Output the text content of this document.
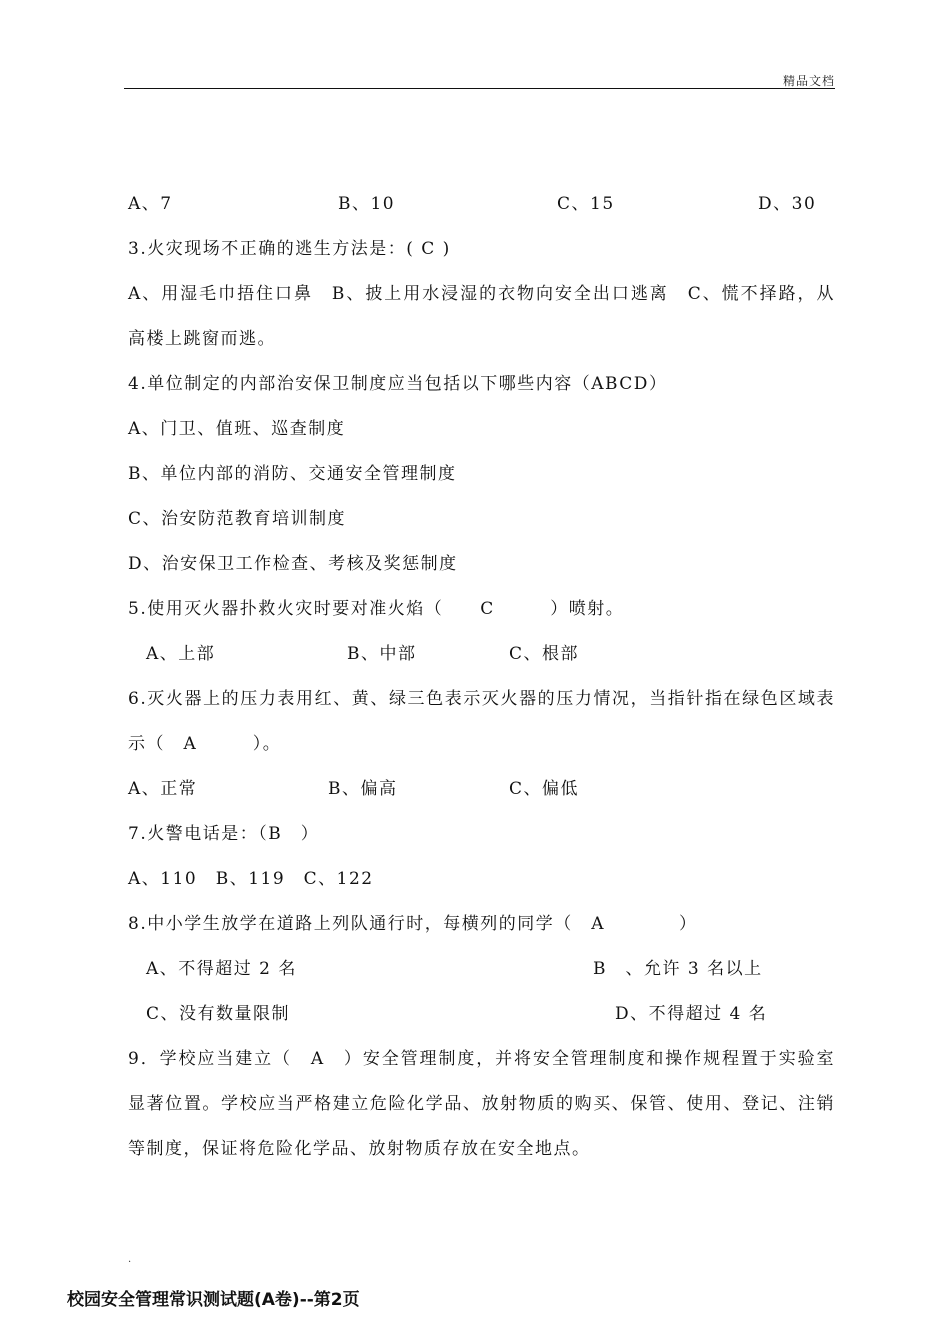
精品文档
A、7	B、10	C、15	D、30
3.火灾现场不正确的逃生方法是：( C )
A、用湿毛巾捂住口鼻　B、披上用水浸湿的衣物向安全出口逃离　C、慌不择路，从高楼上跳窗而逃。
4.单位制定的内部治安保卫制度应当包括以下哪些内容（ABCD）
A、门卫、值班、巡查制度
B、单位内部的消防、交通安全管理制度
C、治安防范教育培训制度
D、治安保卫工作检查、考核及奖惩制度
5.使用灭火器扑救火灾时要对准火焰（　　C　　　）喷射。
A、上部	B、中部	C、根部
6.灭火器上的压力表用红、黄、绿三色表示灭火器的压力情况，当指针指在绿色区域表示（　A　　　）。
A、正常	B、偏高	C、偏低
7.火警电话是：（B　）
A、110　B、119　C、122
8.中小学生放学在道路上列队通行时，每横列的同学（　A　　　　）
A、不得超过 2 名	B　、允许 3 名以上
C、没有数量限制	D、不得超过 4 名
9．学校应当建立（　A　）安全管理制度，并将安全管理制度和操作规程置于实验室显著位置。学校应当严格建立危险化学品、放射物质的购买、保管、使用、登记、注销等制度，保证将危险化学品、放射物质存放在安全地点。
.
校园安全管理常识测试题(A卷)--第2页
